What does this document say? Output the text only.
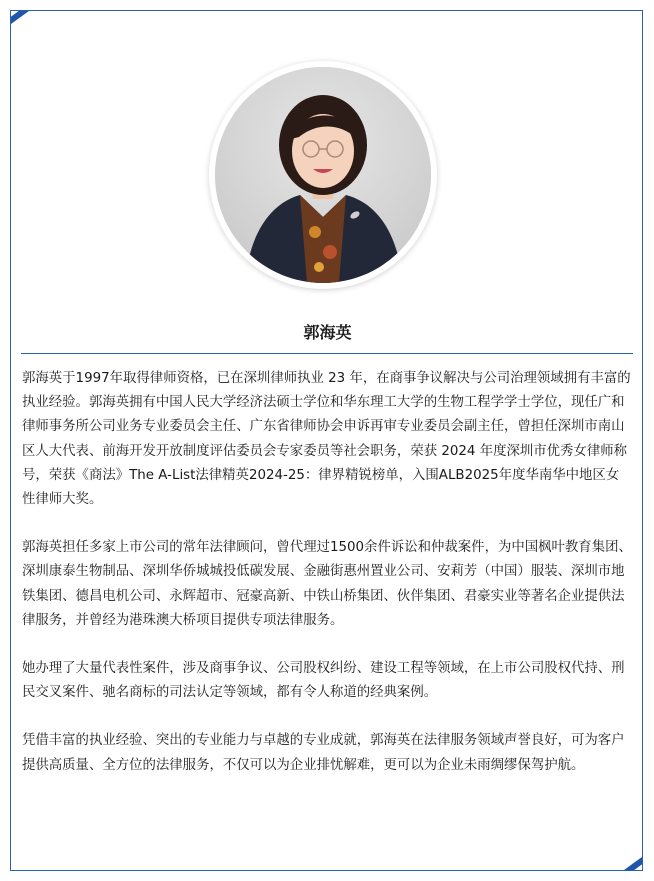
郭海英

郭海英于1997年取得律师资格，已在深圳律师执业 23 年，在商事争议解决与公司治理领域拥有丰富的执业经验。郭海英拥有中国人民大学经济法硕士学位和华东理工大学的生物工程学学士学位，现任广和律师事务所公司业务专业委员会主任、广东省律师协会申诉再审专业委员会副主任，曾担任深圳市南山区人大代表、前海开发开放制度评估委员会专家委员等社会职务，荣获 2024 年度深圳市优秀女律师称号，荣获《商法》The A-List法律精英2024-25：律界精锐榜单，入围ALB2025年度华南华中地区女性律师大奖。

郭海英担任多家上市公司的常年法律顾问，曾代理过1500余件诉讼和仲裁案件，为中国枫叶教育集团、深圳康泰生物制品、深圳华侨城城投低碳发展、金融街惠州置业公司、安莉芳（中国）服装、深圳市地铁集团、德昌电机公司、永辉超市、冠豪高新、中铁山桥集团、伙伴集团、君豪实业等著名企业提供法律服务，并曾经为港珠澳大桥项目提供专项法律服务。

她办理了大量代表性案件，涉及商事争议、公司股权纠纷、建设工程等领域，在上市公司股权代持、刑民交叉案件、驰名商标的司法认定等领域，都有令人称道的经典案例。

凭借丰富的执业经验、突出的专业能力与卓越的专业成就，郭海英在法律服务领域声誉良好，可为客户提供高质量、全方位的法律服务，不仅可以为企业排忧解难，更可以为企业未雨绸缪保驾护航。
